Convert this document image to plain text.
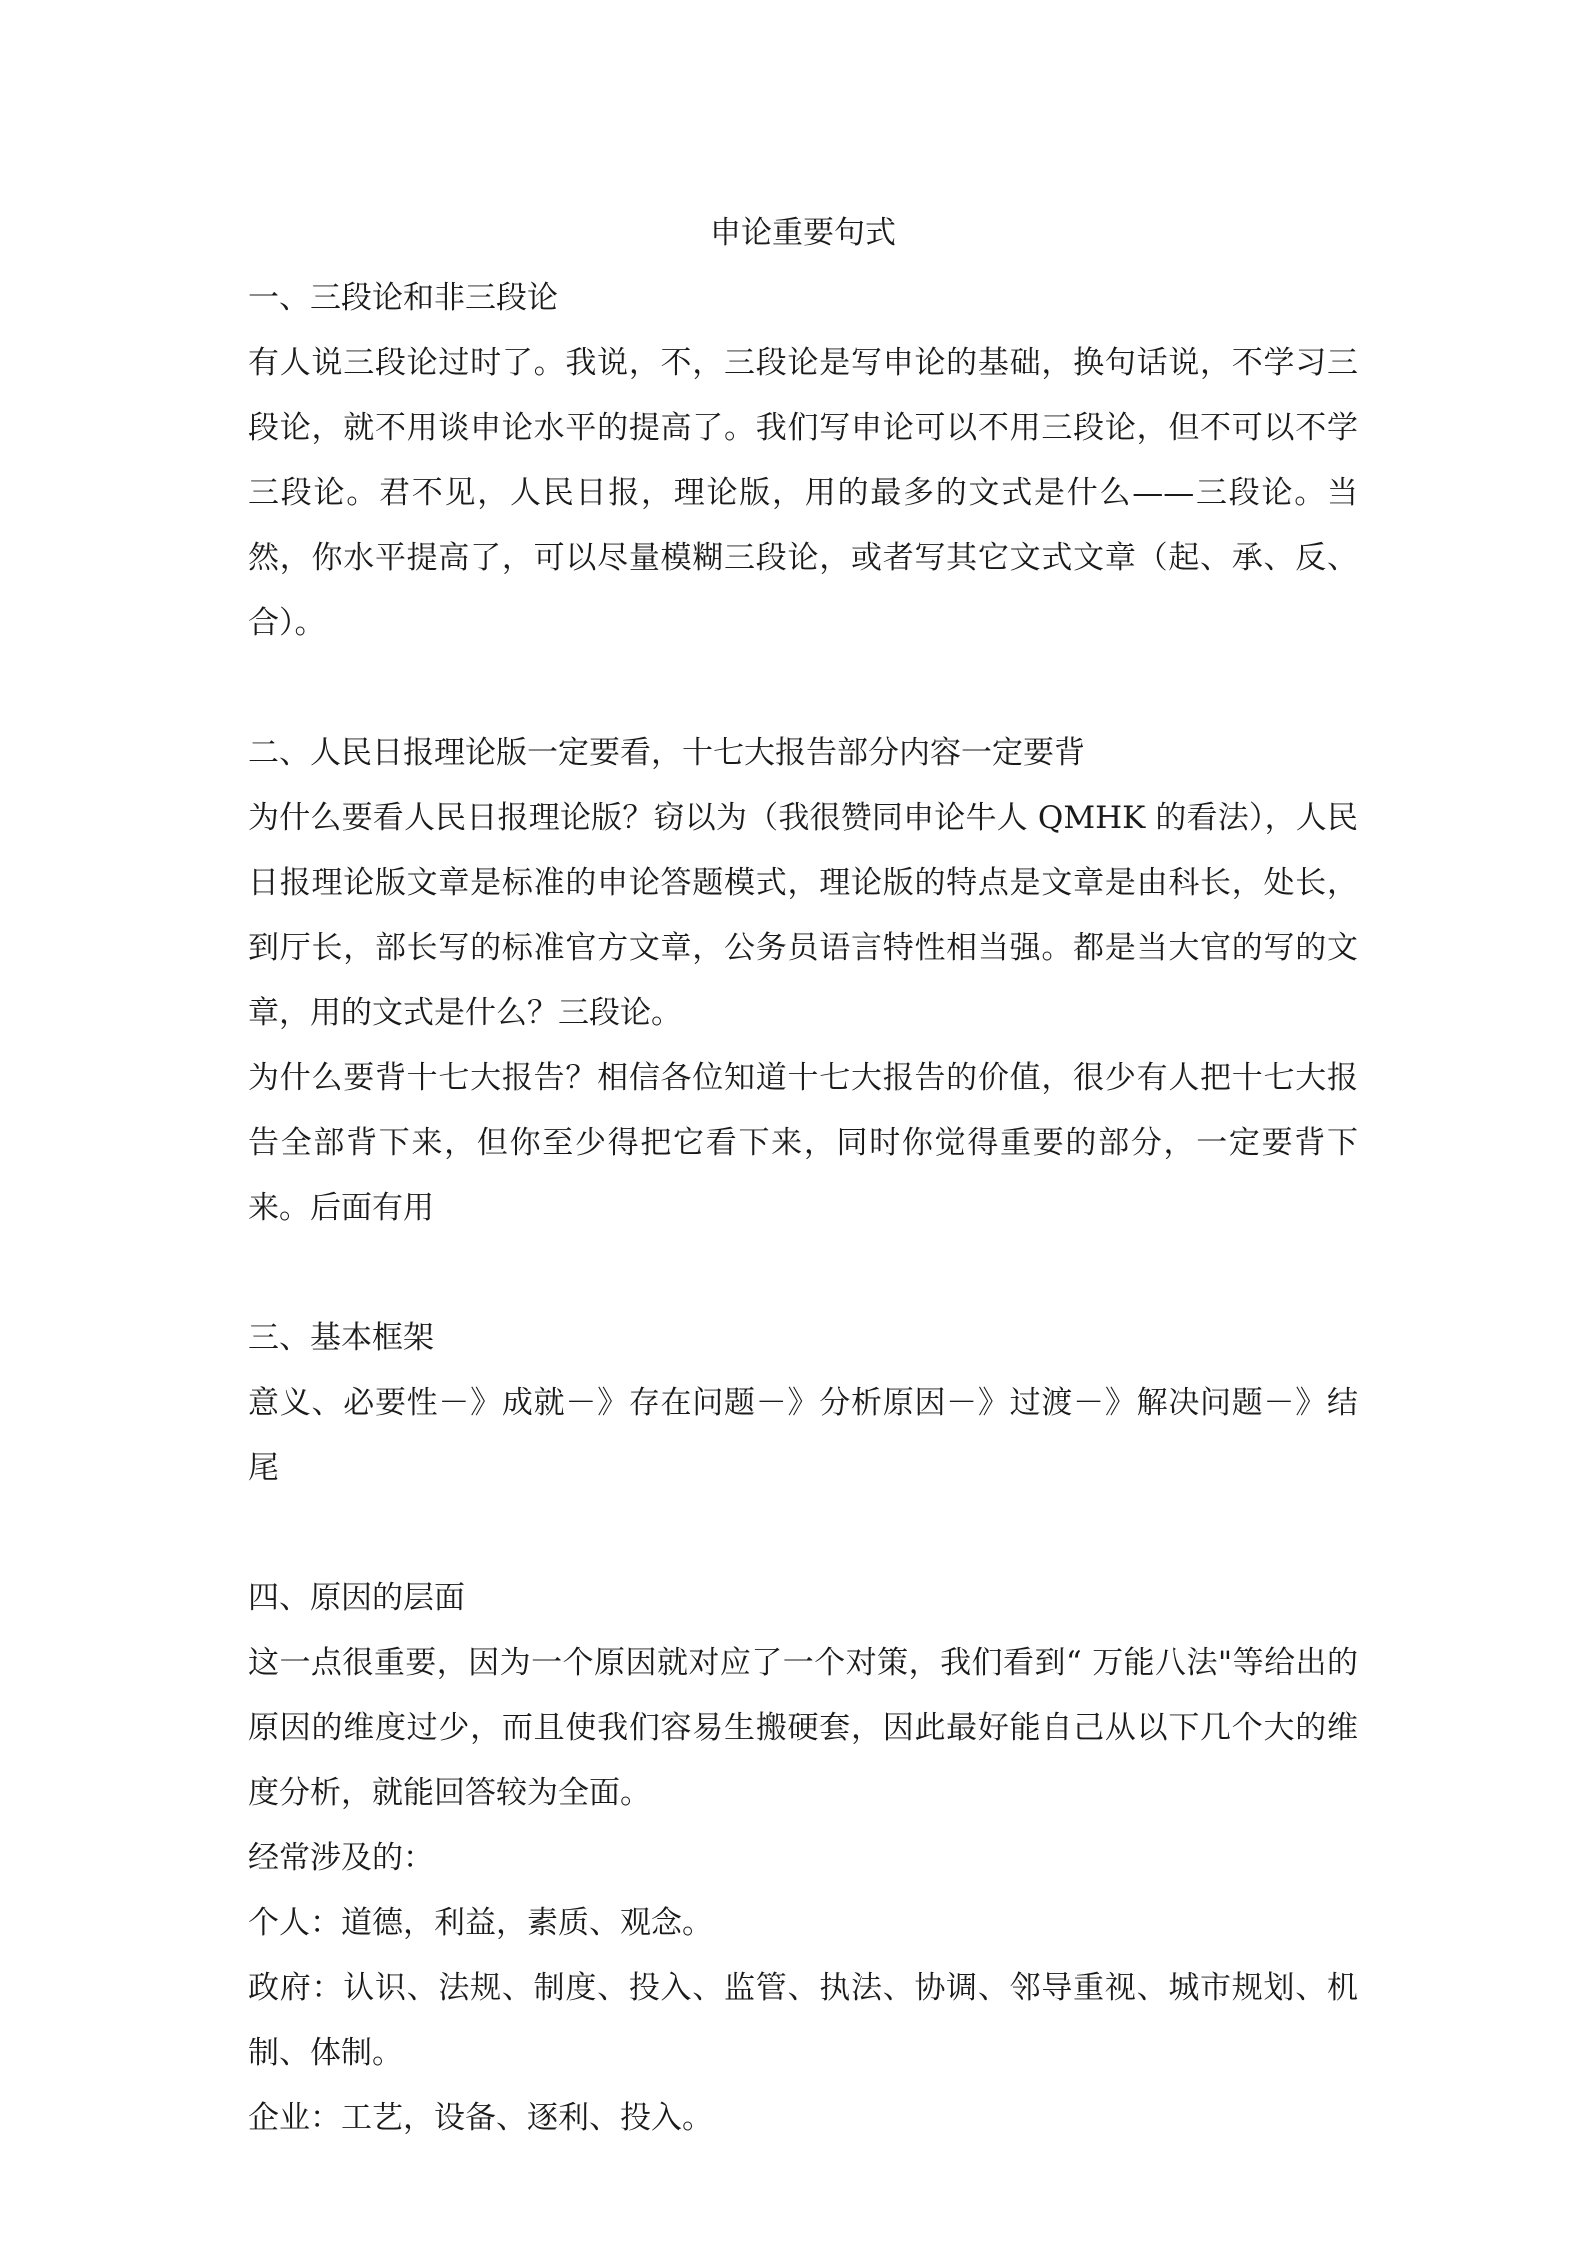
申论重要句式

一、三段论和非三段论

有人说三段论过时了。我说，不，三段论是写申论的基础，换句话说，不学习三段论，就不用谈申论水平的提高了。我们写申论可以不用三段论，但不可以不学三段论。君不见，人民日报，理论版，用的最多的文式是什么——三段论。当然，你水平提高了，可以尽量模糊三段论，或者写其它文式文章（起、承、反、合）。

二、人民日报理论版一定要看，十七大报告部分内容一定要背

为什么要看人民日报理论版？窃以为（我很赞同申论牛人 QMHK 的看法），人民日报理论版文章是标准的申论答题模式，理论版的特点是文章是由科长，处长，到厅长，部长写的标准官方文章，公务员语言特性相当强。都是当大官的写的文章，用的文式是什么？三段论。

为什么要背十七大报告？相信各位知道十七大报告的价值，很少有人把十七大报告全部背下来，但你至少得把它看下来，同时你觉得重要的部分，一定要背下来。后面有用

三、基本框架

意义、必要性－》成就－》存在问题－》分析原因－》过渡－》解决问题－》结尾

四、原因的层面

这一点很重要，因为一个原因就对应了一个对策，我们看到“ 万能八法"等给出的原因的维度过少，而且使我们容易生搬硬套，因此最好能自己从以下几个大的维度分析，就能回答较为全面。

经常涉及的：

个人：道德，利益，素质、观念。

政府：认识、法规、制度、投入、监管、执法、协调、邻导重视、城市规划、机制、体制。

企业：工艺，设备、逐利、投入。
